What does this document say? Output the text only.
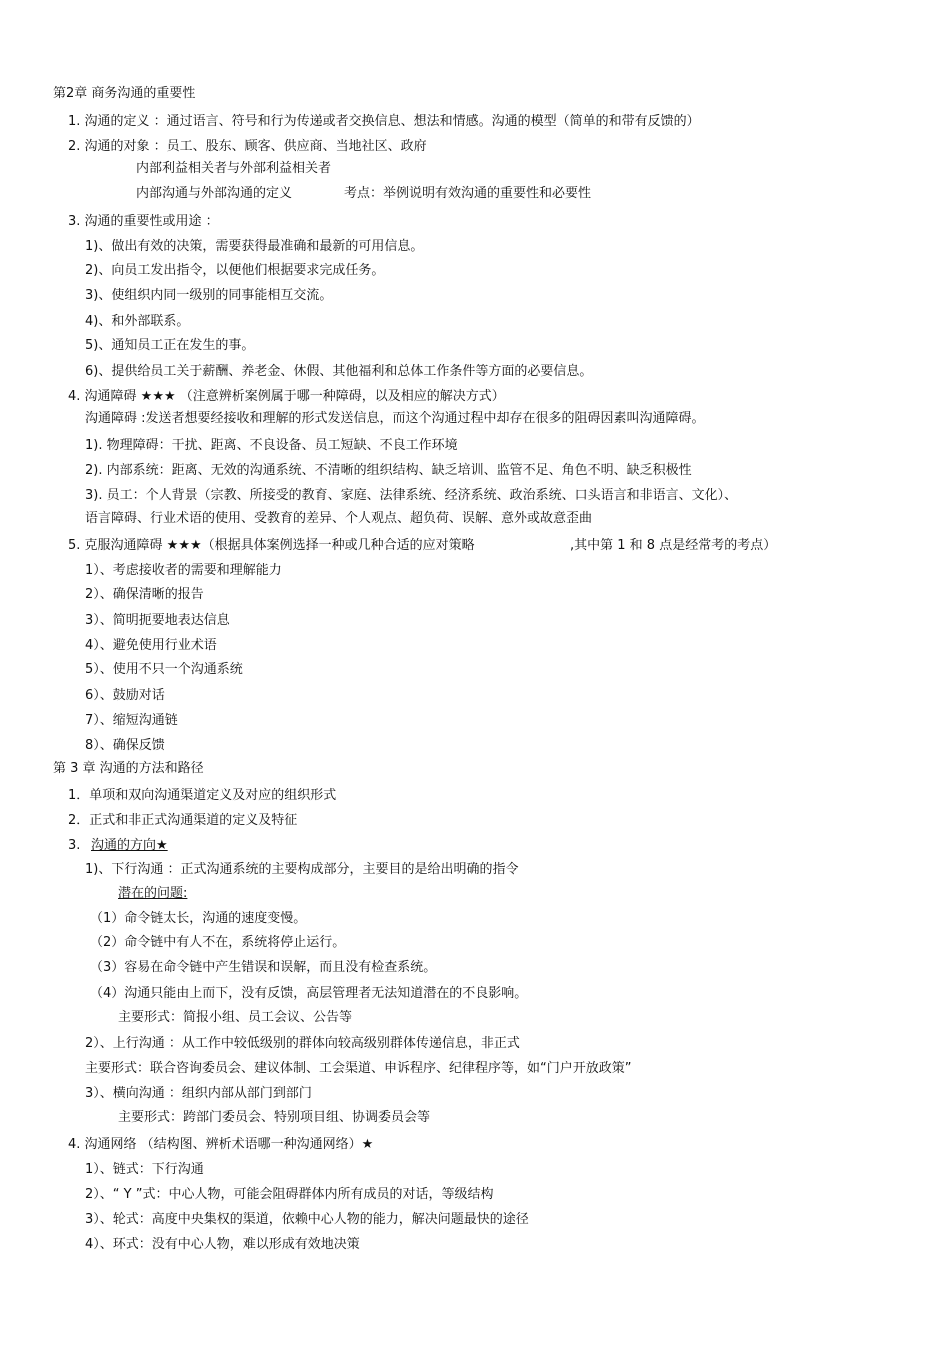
第2章 商务沟通的重要性
1. 沟通的定义 ：通过语言、符号和行为传递或者交换信息、想法和情感。沟通的模型（简单的和带有反馈的）
2. 沟通的对象 ：员工、股东、顾客、供应商、当地社区、政府
内部利益相关者与外部利益相关者
内部沟通与外部沟通的定义	考点：举例说明有效沟通的重要性和必要性
3. 沟通的重要性或用途 ：
1)、做出有效的决策，需要获得最准确和最新的可用信息。
2)、向员工发出指令，以便他们根据要求完成任务。
3)、使组织内同一级别的同事能相互交流。
4)、和外部联系。
5)、通知员工正在发生的事。
6)、提供给员工关于薪酬、养老金、休假、其他福利和总体工作条件等方面的必要信息。
4. 沟通障碍 ★★★ （注意辨析案例属于哪一种障碍，以及相应的解决方式）
沟通障碍 :发送者想要经接收和理解的形式发送信息，而这个沟通过程中却存在很多的阻碍因素叫沟通障碍。
1). 物理障碍：干扰、距离、不良设备、员工短缺、不良工作环境
2). 内部系统：距离、无效的沟通系统、不清晰的组织结构、缺乏培训、监管不足、角色不明、缺乏积极性
3). 员工：个人背景（宗教、所接受的教育、家庭、法律系统、经济系统、政治系统、口头语言和非语言、文化）、
语言障碍、行业术语的使用、受教育的差异、个人观点、超负荷、误解、意外或故意歪曲
5. 克服沟通障碍 ★★★（根据具体案例选择一种或几种合适的应对策略	,其中第 1 和 8 点是经常考的考点）
1）、考虑接收者的需要和理解能力
2）、确保清晰的报告
3）、简明扼要地表达信息
4）、避免使用行业术语
5）、使用不只一个沟通系统
6）、鼓励对话
7）、缩短沟通链
8）、确保反馈
第 3 章 沟通的方法和路径
1．单项和双向沟通渠道定义及对应的组织形式
2．正式和非正式沟通渠道的定义及特征
3. 沟通的方向★
1)、下行沟通 ：正式沟通系统的主要构成部分，主要目的是给出明确的指令
潜在的问题:
（1）命令链太长，沟通的速度变慢。
（2）命令链中有人不在，系统将停止运行。
（3）容易在命令链中产生错误和误解，而且没有检查系统。
（4）沟通只能由上而下，没有反馈，高层管理者无法知道潜在的不良影响。
主要形式：简报小组、员工会议、公告等
2）、上行沟通 ：从工作中较低级别的群体向较高级别群体传递信息，非正式
主要形式：联合咨询委员会、建议体制、工会渠道、申诉程序、纪律程序等，如“门户开放政策”
3）、横向沟通 ：组织内部从部门到部门
主要形式：跨部门委员会、特别项目组、协调委员会等
4. 沟通网络 （结构图、辨析术语哪一种沟通网络）★
1）、链式：下行沟通
2）、“ Y ”式：中心人物，可能会阻碍群体内所有成员的对话，等级结构
3）、轮式：高度中央集权的渠道，依赖中心人物的能力，解决问题最快的途径
4）、环式：没有中心人物，难以形成有效地决策
